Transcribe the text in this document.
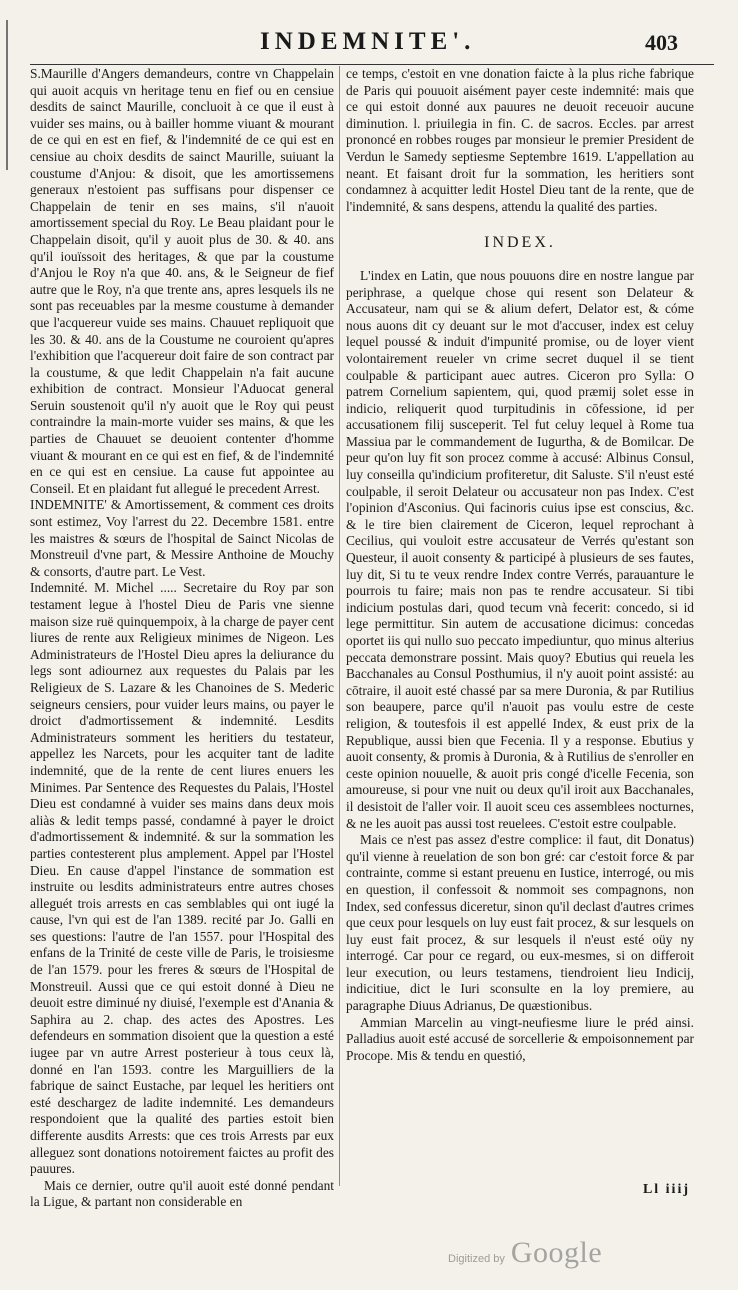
INDEMNITE'.	403

S.Maurille d'Angers demandeurs, contre vn Chappelain qui auoit acquis vn heritage tenu en fief ou en censiue desdits de sainct Maurille, concluoit à ce que il eust à vuider ses mains, ou à bailler homme viuant & mourant de ce qui en est en fief, & l'indemnité de ce qui est en censiue au choix desdits de sainct Maurille, suiuant la coustume d'Anjou: & disoit, que les amortissemens generaux n'estoient pas suffisans pour dispenser ce Chappelain de tenir en ses mains, s'il n'auoit amortissement special du Roy. Le Beau plaidant pour le Chappelain disoit, qu'il y auoit plus de 30. & 40. ans qu'il iouïssoit des heritages, & que par la coustume d'Anjou le Roy n'a que 40. ans, & le Seigneur de fief autre que le Roy, n'a que trente ans, apres lesquels ils ne sont pas receuables par la mesme coustume à demander que l'acquereur vuide ses mains. Chauuet repliquoit que les 30. & 40. ans de la Coustume ne couroient qu'apres l'exhibition que l'acquereur doit faire de son contract par la coustume, & que ledit Chappelain n'a fait aucune exhibition de contract. Monsieur l'Aduocat general Seruin soustenoit qu'il n'y auoit que le Roy qui peust contraindre la main-morte vuider ses mains, & que les parties de Chauuet se deuoient contenter d'homme viuant & mourant en ce qui est en fief, & de l'indemnité en ce qui est en censiue. La cause fut appointee au Conseil. Et en plaidant fut allegué le precedent Arrest.

INDEMNITE' & Amortissement, & comment ces droits sont estimez, Voy l'arrest du 22. Decembre 1581. entre les maistres & sœurs de l'hospital de Sainct Nicolas de Monstreuil d'vne part, & Messire Anthoine de Mouchy & consorts, d'autre part. Le Vest.

Indemnité. M. Michel ..... Secretaire du Roy par son testament legue à l'hostel Dieu de Paris vne sienne maison size ruë quinquempoix, à la charge de payer cent liures de rente aux Religieux minimes de Nigeon. Les Administrateurs de l'Hostel Dieu apres la deliurance du legs sont adiournez aux requestes du Palais par les Religieux de S. Lazare & les Chanoines de S. Mederic seigneurs censiers, pour vuider leurs mains, ou payer le droict d'admortissement & indemnité. Lesdits Administrateurs somment les heritiers du testateur, appellez les Narcets, pour les acquiter tant de ladite indemnité, que de la rente de cent liures enuers les Minimes. Par Sentence des Requestes du Palais, l'Hostel Dieu est condamné à vuider ses mains dans deux mois aliàs & ledit temps passé, condamné à payer le droict d'admortissement & indemnité. & sur la sommation les parties contesterent plus amplement. Appel par l'Hostel Dieu. En cause d'appel l'instance de sommation est instruite ou lesdits administrateurs entre autres choses alleguét trois arrests en cas semblables qui ont iugé la cause, l'vn qui est de l'an 1389. recité par Jo. Galli en ses questions: l'autre de l'an 1557. pour l'Hospital des enfans de la Trinité de ceste ville de Paris, le troisiesme de l'an 1579. pour les freres & sœurs de l'Hospital de Monstreuil. Aussi que ce qui estoit donné à Dieu ne deuoit estre diminué ny diuisé, l'exemple est d'Anania & Saphira au 2. chap. des actes des Apostres. Les defendeurs en sommation disoient que la question a esté iugee par vn autre Arrest posterieur à tous ceux là, donné en l'an 1593. contre les Marguilliers de la fabrique de sainct Eustache, par lequel les heritiers ont esté deschargez de ladite indemnité. Les demandeurs respondoient que la qualité des parties estoit bien differente ausdits Arrests: que ces trois Arrests par eux alleguez sont donations notoirement faictes au profit des pauures.

Mais ce dernier, outre qu'il auoit esté donné pendant la Ligue, & partant non considerable en

ce temps, c'estoit en vne donation faicte à la plus riche fabrique de Paris qui pouuoit aisément payer ceste indemnité: mais que ce qui estoit donné aux pauures ne deuoit receuoir aucune diminution. l. priuilegia in fin. C. de sacros. Eccles. par arrest prononcé en robbes rouges par monsieur le premier President de Verdun le Samedy septiesme Septembre 1619. L'appellation au neant. Et faisant droit fur la sommation, les heritiers sont condamnez à acquitter ledit Hostel Dieu tant de la rente, que de l'indemnité, & sans despens, attendu la qualité des parties.

INDEX.

L'index en Latin, que nous pouuons dire en nostre langue par periphrase, a quelque chose qui resent son Delateur & Accusateur, nam qui se & alium defert, Delator est, & cóme nous auons dit cy deuant sur le mot d'accuser, index est celuy lequel poussé & induit d'impunité promise, ou de loyer vient volontairement reueler vn crime secret duquel il se tient coulpable & participant auec autres. Ciceron pro Sylla: O patrem Cornelium sapientem, qui, quod præmij solet esse in indicio, reliquerit quod turpitudinis in cōfessione, id per accusationem filij susceperit. Tel fut celuy lequel à Rome tua Massiua par le commandement de Iugurtha, & de Bomilcar. De peur qu'on luy fit son procez comme à accusé: Albinus Consul, luy conseilla qu'indicium profiteretur, dit Saluste. S'il n'eust esté coulpable, il seroit Delateur ou accusateur non pas Index. C'est l'opinion d'Asconius. Qui facinoris cuius ipse est conscius, &c. & le tire bien clairement de Ciceron, lequel reprochant à Cecilius, qui vouloit estre accusateur de Verrés qu'estant son Questeur, il auoit consenty & participé à plusieurs de ses fautes, luy dit, Si tu te veux rendre Index contre Verrés, parauanture le pourrois tu faire; mais non pas te rendre accusateur. Si tibi indicium postulas dari, quod tecum vnà fecerit: concedo, si id lege permittitur. Sin autem de accusatione dicimus: concedas oportet iis qui nullo suo peccato impediuntur, quo minus alterius peccata demonstrare possint. Mais quoy? Ebutius qui reuela les Bacchanales au Consul Posthumius, il n'y auoit point assisté: au cōtraire, il auoit esté chassé par sa mere Duronia, & par Rutilius son beaupere, parce qu'il n'auoit pas voulu estre de ceste religion, & toutesfois il est appellé Index, & eust prix de la Republique, aussi bien que Fecenia. Il y a response. Ebutius y auoit consenty, & promis à Duronia, & à Rutilius de s'enroller en ceste opinion nouuelle, & auoit pris congé d'icelle Fecenia, son amoureuse, si pour vne nuit ou deux qu'il iroit aux Bacchanales, il desistoit de l'aller voir. Il auoit sceu ces assemblees nocturnes, & ne les auoit pas aussi tost reuelees. C'estoit estre coulpable.

Mais ce n'est pas assez d'estre complice: il faut, dit Donatus) qu'il vienne à reuelation de son bon gré: car c'estoit force & par contrainte, comme si estant preuenu en Iustice, interrogé, ou mis en question, il confessoit & nommoit ses compagnons, non Index, sed confessus diceretur, sinon qu'il declast d'autres crimes que ceux pour lesquels on luy eust fait procez, & sur lesquels on luy eust fait procez, & sur lesquels il n'eust esté oüy ny interrogé. Car pour ce regard, ou eux-mesmes, si on differoit leur execution, ou leurs testamens, tiendroient lieu Indicij, indicitiue, dict le Iuri sconsulte en la loy premiere, au paragraphe Diuus Adrianus, De quæstionibus.

Ammian Marcelin au vingt-neufiesme liure le préd ainsi. Palladius auoit esté accusé de sorcellerie & empoisonnement par Procope. Mis & tendu en questió,

Ll iiij
Digitized by Google
